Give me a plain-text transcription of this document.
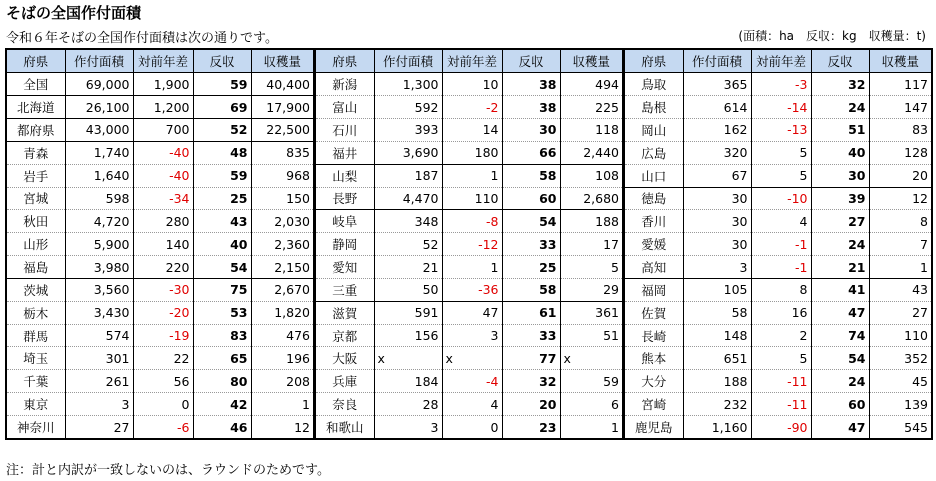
そばの全国作付面積
令和６年そばの全国作付面積は次の通りです。	(面積：ha　反収：kg　収穫量：t)
府県	作付面積	対前年差	反収	収穫量
全国	69,000	1,900	59	40,400
北海道	26,100	1,200	69	17,900
都府県	43,000	700	52	22,500
青森	1,740	-40	48	835
岩手	1,640	-40	59	968
宮城	598	-34	25	150
秋田	4,720	280	43	2,030
山形	5,900	140	40	2,360
福島	3,980	220	54	2,150
茨城	3,560	-30	75	2,670
栃木	3,430	-20	53	1,820
群馬	574	-19	83	476
埼玉	301	22	65	196
千葉	261	56	80	208
東京	3	0	42	1
神奈川	27	-6	46	12
府県	作付面積	対前年差	反収	収穫量
新潟	1,300	10	38	494
富山	592	-2	38	225
石川	393	14	30	118
福井	3,690	180	66	2,440
山梨	187	1	58	108
長野	4,470	110	60	2,680
岐阜	348	-8	54	188
静岡	52	-12	33	17
愛知	21	1	25	5
三重	50	-36	58	29
滋賀	591	47	61	361
京都	156	3	33	51
大阪	x	x	77	x
兵庫	184	-4	32	59
奈良	28	4	20	6
和歌山	3	0	23	1
府県	作付面積	対前年差	反収	収穫量
鳥取	365	-3	32	117
島根	614	-14	24	147
岡山	162	-13	51	83
広島	320	5	40	128
山口	67	5	30	20
徳島	30	-10	39	12
香川	30	4	27	8
愛媛	30	-1	24	7
高知	3	-1	21	1
福岡	105	8	41	43
佐賀	58	16	47	27
長崎	148	2	74	110
熊本	651	5	54	352
大分	188	-11	24	45
宮崎	232	-11	60	139
鹿児島	1,160	-90	47	545
注：計と内訳が一致しないのは、ラウンドのためです。
